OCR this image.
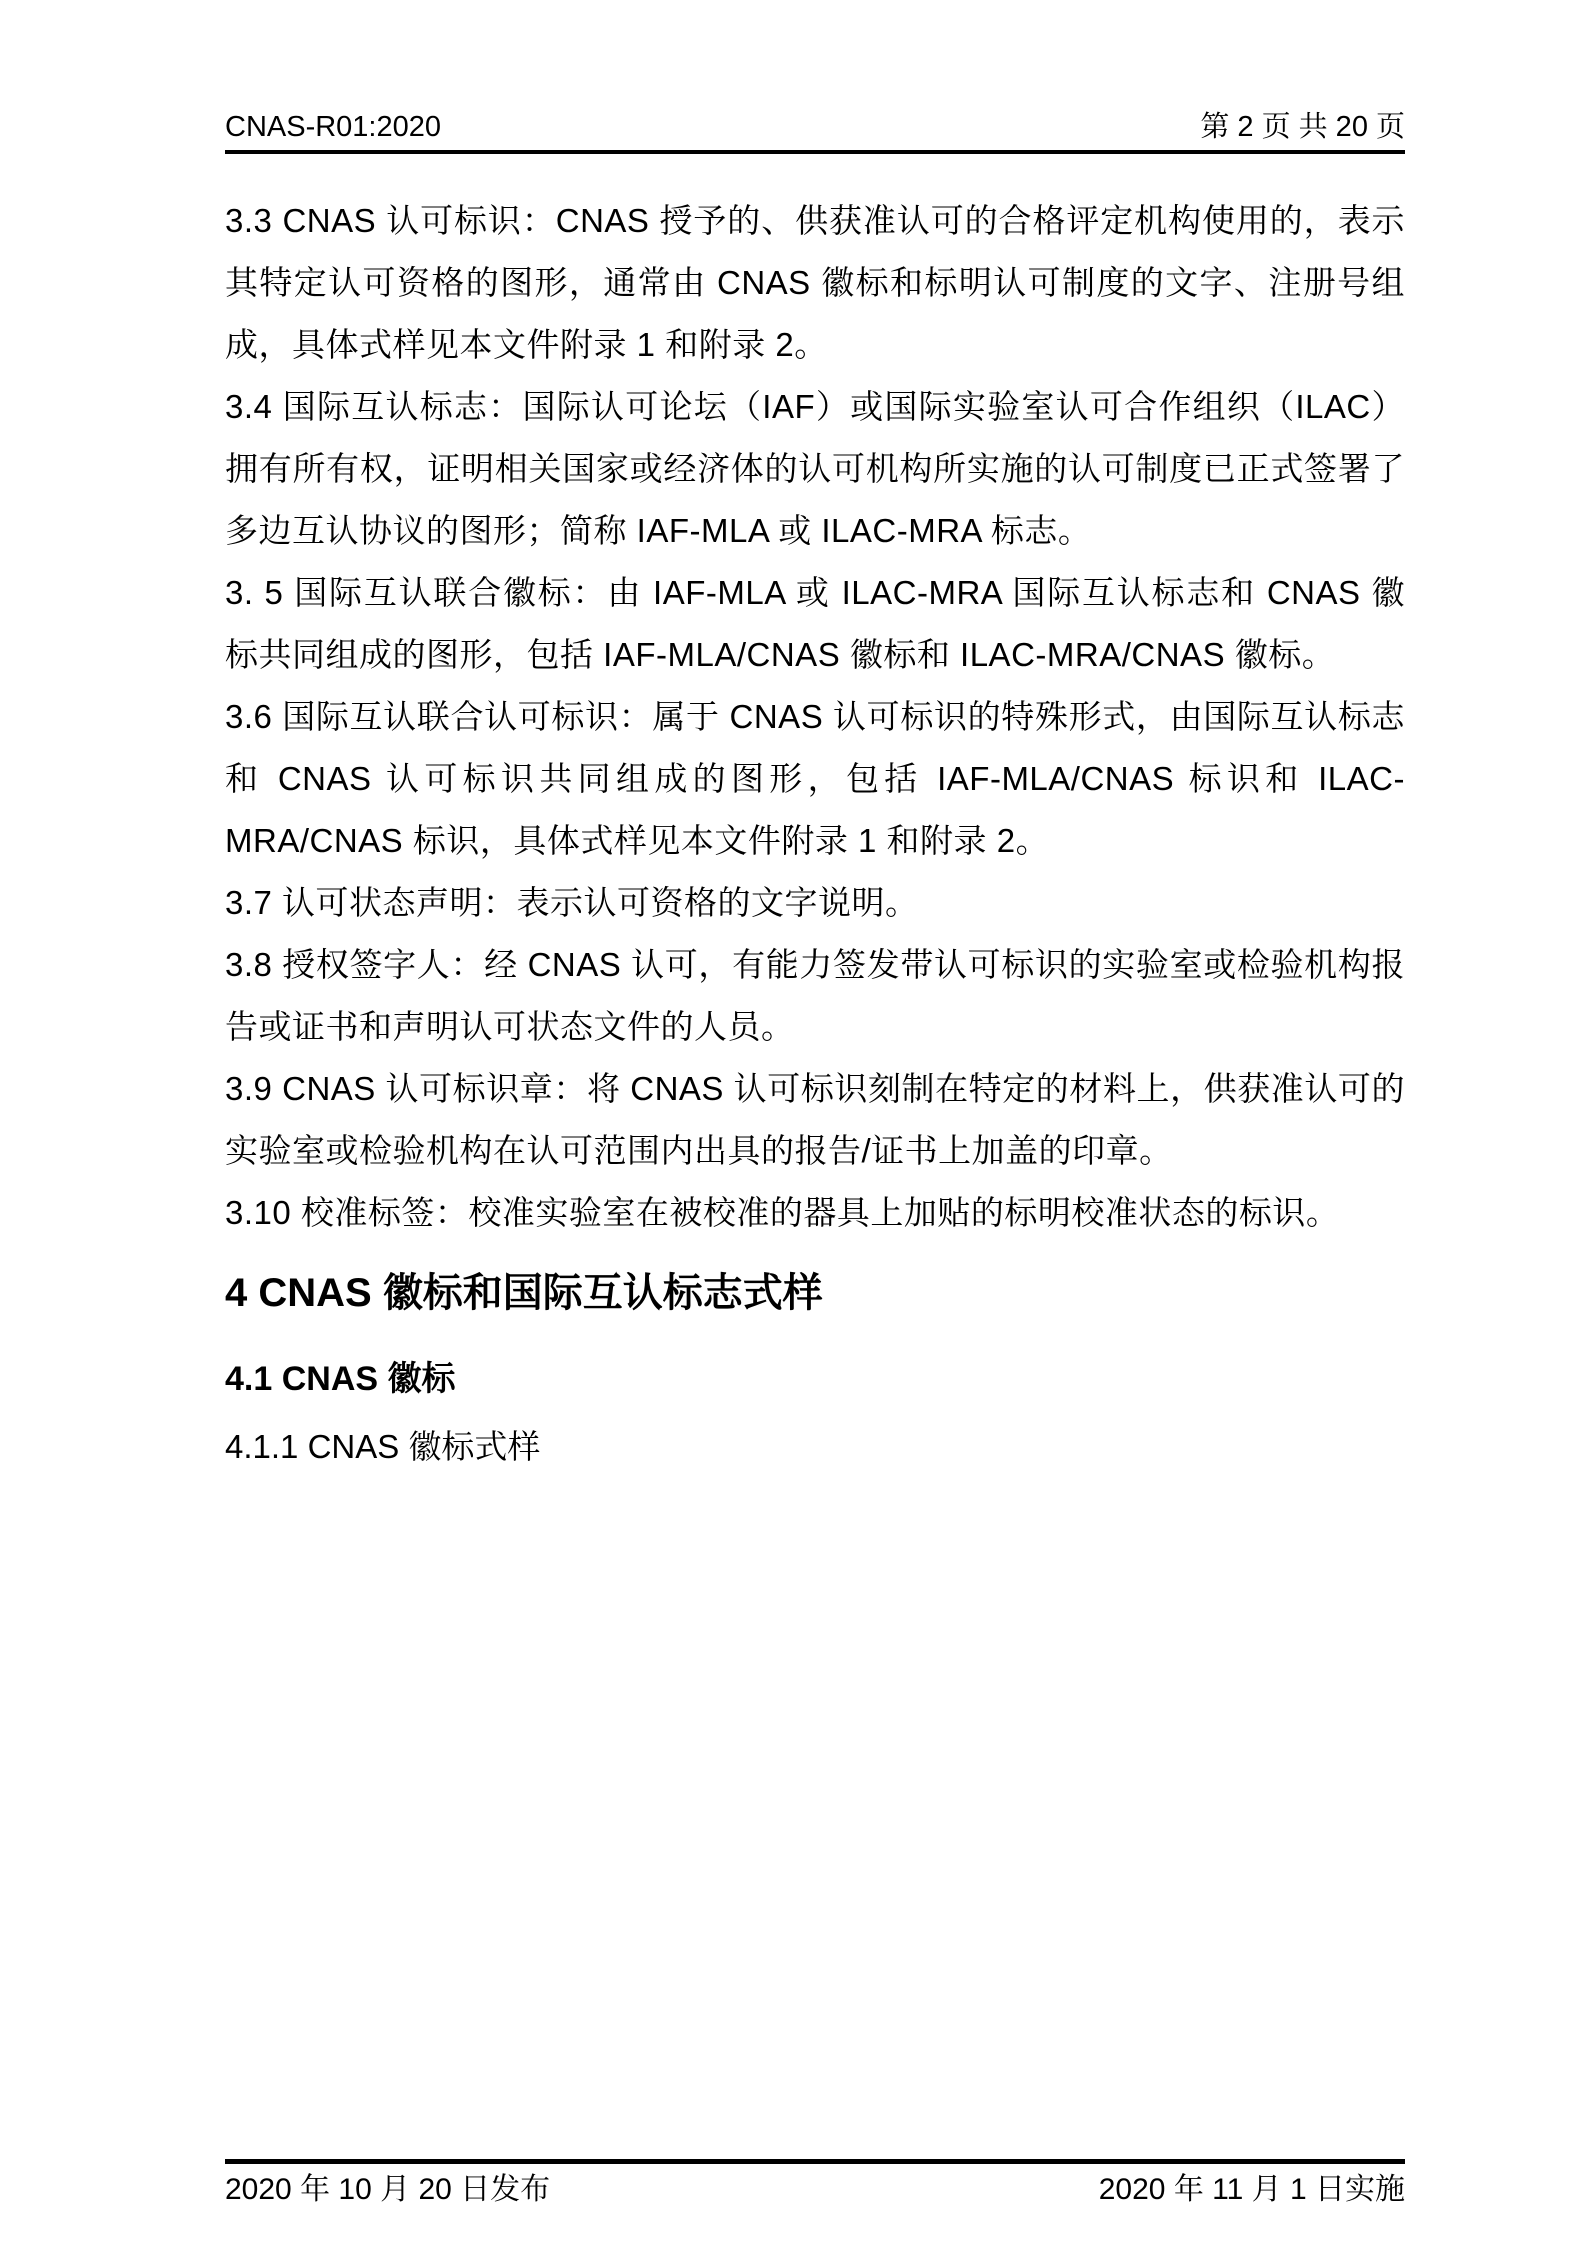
CNAS-R01:2020	第 2 页 共 20 页

3.3 CNAS 认可标识：CNAS 授予的、供获准认可的合格评定机构使用的，表示其特定认可资格的图形，通常由 CNAS 徽标和标明认可制度的文字、注册号组成，具体式样见本文件附录 1 和附录 2。

3.4 国际互认标志：国际认可论坛（IAF）或国际实验室认可合作组织（ILAC）拥有所有权，证明相关国家或经济体的认可机构所实施的认可制度已正式签署了多边互认协议的图形；简称 IAF-MLA 或 ILAC-MRA 标志。

3. 5 国际互认联合徽标：由 IAF-MLA 或 ILAC-MRA 国际互认标志和 CNAS 徽标共同组成的图形，包括 IAF-MLA/CNAS 徽标和 ILAC-MRA/CNAS 徽标。

3.6 国际互认联合认可标识：属于 CNAS 认可标识的特殊形式，由国际互认标志和 CNAS 认可标识共同组成的图形，包括 IAF-MLA/CNAS 标识和 ILAC-MRA/CNAS 标识，具体式样见本文件附录 1 和附录 2。

3.7 认可状态声明：表示认可资格的文字说明。

3.8 授权签字人：经 CNAS 认可，有能力签发带认可标识的实验室或检验机构报告或证书和声明认可状态文件的人员。

3.9 CNAS 认可标识章：将 CNAS 认可标识刻制在特定的材料上，供获准认可的实验室或检验机构在认可范围内出具的报告/证书上加盖的印章。

3.10 校准标签：校准实验室在被校准的器具上加贴的标明校准状态的标识。

4 CNAS 徽标和国际互认标志式样
4.1 CNAS 徽标
4.1.1 CNAS 徽标式样
2020 年 10 月 20 日发布	2020 年 11 月 1 日实施
